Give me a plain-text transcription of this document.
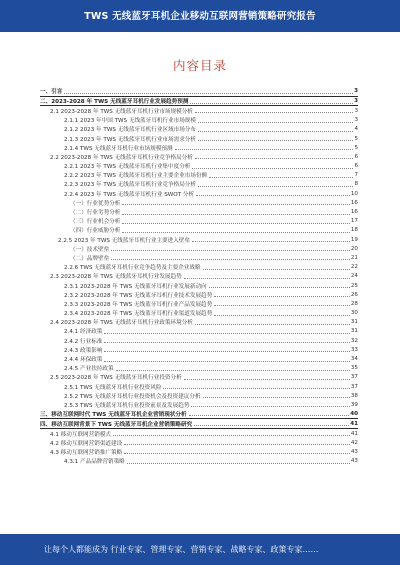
TWS 无线蓝牙耳机企业移动互联网营销策略研究报告
内容目录
一、引言	3
二、2023-2028 年 TWS 无线蓝牙耳机行业发展趋势预测	3
2.1 2023-2028 年 TWS 无线蓝牙耳机行业市场规模分析	3
2.1.1 2023 年中国 TWS 无线蓝牙耳机行业市场规模	3
2.1.2 2023 年 TWS 无线蓝牙耳机行业区域市场分布	4
2.1.3 2023 年 TWS 无线蓝牙耳机行业市场需求分析	5
2.1.4 TWS 无线蓝牙耳机行业市场规模预测	5
2.2 2023-2028 年 TWS 无线蓝牙耳机行业竞争格局分析	6
2.2.1 2023 年 TWS 无线蓝牙耳机行业集中度分析	6
2.2.2 2023 年 TWS 无线蓝牙耳机行业主要企业市场份额	7
2.2.3 2023 年 TWS 无线蓝牙耳机行业竞争格局分析	8
2.2.4 2023 年 TWS 无线蓝牙耳机行业 SWOT 分析	10
（一）行业优势分析	16
（二）行业劣势分析	16
（三）行业机会分析	17
（四）行业威胁分析	18
2.2.5 2023 年 TWS 无线蓝牙耳机行业主要进入壁垒	19
（一）技术壁垒	20
（二）品牌壁垒	21
2.2.6 TWS 无线蓝牙耳机行业竞争趋势及主要企业战略	22
2.3 2023-2028 年 TWS 无线蓝牙耳机行业发展趋势	24
2.3.1 2023-2028 年 TWS 无线蓝牙耳机行业发展新动向	25
2.3.2 2023-2028 年 TWS 无线蓝牙耳机行业技术发展趋势	26
2.3.3 2023-2028 年 TWS 无线蓝牙耳机行业产品发展趋势	28
2.3.4 2023-2028 年 TWS 无线蓝牙耳机行业渠道发展趋势	30
2.4 2023-2028 年 TWS 无线蓝牙耳机行业政策环境分析	31
2.4.1 经济政策	31
2.4.2 行业标准	32
2.4.3 政策影响	33
2.4.4 环保政策	34
2.4.5 产业扶持政策	35
2.5 2023-2028 年 TWS 无线蓝牙耳机行业投资分析	37
2.5.1 TWS 无线蓝牙耳机行业投资风险	37
2.5.2 TWS 无线蓝牙耳机行业投资机会及投资建议分析	38
2.5.3 TWS 无线蓝牙耳机行业投资前景及发展趋势	39
三、移动互联网时代 TWS 无线蓝牙耳机企业营销现状分析	40
四、移动互联网背景下 TWS 无线蓝牙耳机企业营销策略研究	41
4.1 移动互联网营销模式	41
4.2 移动互联网营销渠道建设	42
4.3 移动互联网营销推广策略	43
4.3.1 产品品牌营销策略	43
让每个人都能成为 行业专家、管理专家、营销专家、战略专家、政策专家……
